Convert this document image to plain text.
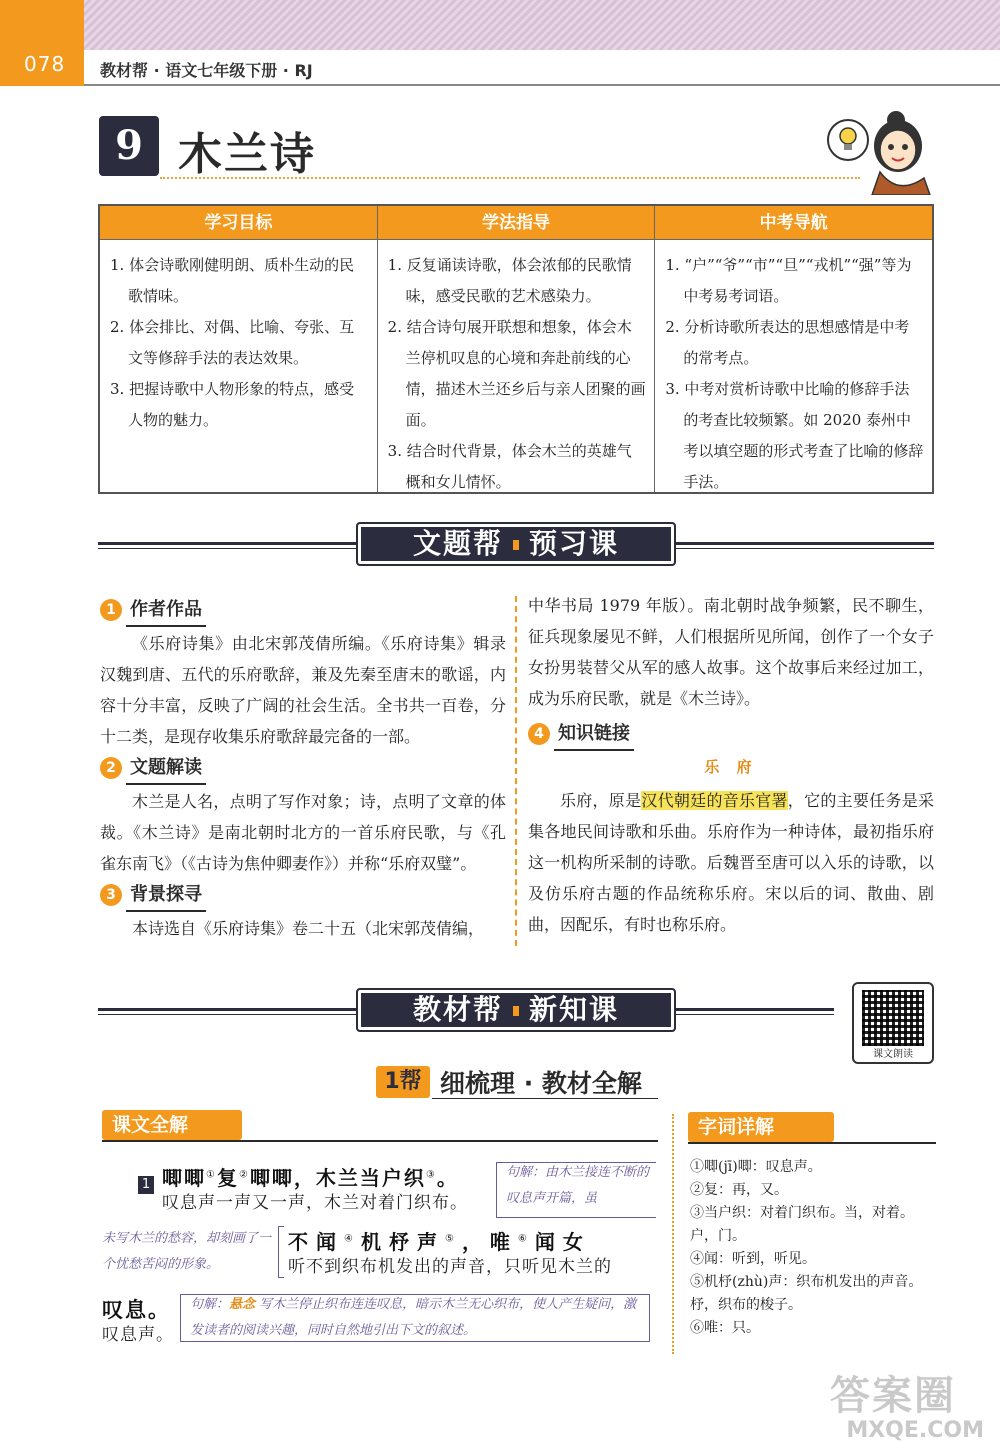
078	教材帮 · 语文七年级下册 · RJ
9 木兰诗
学习目标
1. 体会诗歌刚健明朗、质朴生动的民歌情味。
2. 体会排比、对偶、比喻、夸张、互文等修辞手法的表达效果。
3. 把握诗歌中人物形象的特点，感受人物的魅力。
学法指导
1. 反复诵读诗歌，体会浓郁的民歌情味，感受民歌的艺术感染力。
2. 结合诗句展开联想和想象，体会木兰停机叹息的心境和奔赴前线的心情，描述木兰还乡后与亲人团聚的画面。
3. 结合时代背景，体会木兰的英雄气概和女儿情怀。
中考导航
1. “户”“爷”“市”“旦”“戎机”“强”等为中考易考词语。
2. 分析诗歌所表达的思想感情是中考的常考点。
3. 中考对赏析诗歌中比喻的修辞手法的考查比较频繁。如 2020 泰州中考以填空题的形式考查了比喻的修辞手法。
文题帮 预习课
1 作者作品
《乐府诗集》由北宋郭茂倩所编。《乐府诗集》辑录汉魏到唐、五代的乐府歌辞，兼及先秦至唐末的歌谣，内容十分丰富，反映了广阔的社会生活。全书共一百卷，分十二类，是现存收集乐府歌辞最完备的一部。
2 文题解读
木兰是人名，点明了写作对象；诗，点明了文章的体裁。《木兰诗》是南北朝时北方的一首乐府民歌，与《孔雀东南飞》（《古诗为焦仲卿妻作》）并称“乐府双璧”。
3 背景探寻
本诗选自《乐府诗集》卷二十五（北宋郭茂倩编，
中华书局 1979 年版）。南北朝时战争频繁，民不聊生，征兵现象屡见不鲜，人们根据所见所闻，创作了一个女子女扮男装替父从军的感人故事。这个故事后来经过加工，成为乐府民歌，就是《木兰诗》。
4 知识链接
乐 府
乐府，原是汉代朝廷的音乐官署，它的主要任务是采集各地民间诗歌和乐曲。乐府作为一种诗体，最初指乐府这一机构所采制的诗歌。后魏晋至唐可以入乐的诗歌，以及仿乐府古题的作品统称乐府。宋以后的词、散曲、剧曲，因配乐，有时也称乐府。
教材帮 新知课
课文朗读
1帮 细梳理 · 教材全解
课文全解	字词详解
1 唧唧①复②唧唧，木兰当户织③。
叹息声一声又一声，木兰对着门织布。
句解：由木兰接连不断的叹息声开篇，虽
未写木兰的愁容，却刻画了一个忧愁苦闷的形象。
不闻④机杼声⑤，唯⑥闻女
听不到织布机发出的声音，只听见木兰的
叹息。
叹息声。
句解：悬念 写木兰停止织布连连叹息，暗示木兰无心织布，使人产生疑问，激发读者的阅读兴趣，同时自然地引出下文的叙述。
①唧(jī)唧：叹息声。
②复：再，又。
③当户织：对着门织布。当，对着。户，门。
④闻：听到，听见。
⑤机杼(zhù)声：织布机发出的声音。杼，织布的梭子。
⑥唯：只。
答案圈
MXQE.COM
